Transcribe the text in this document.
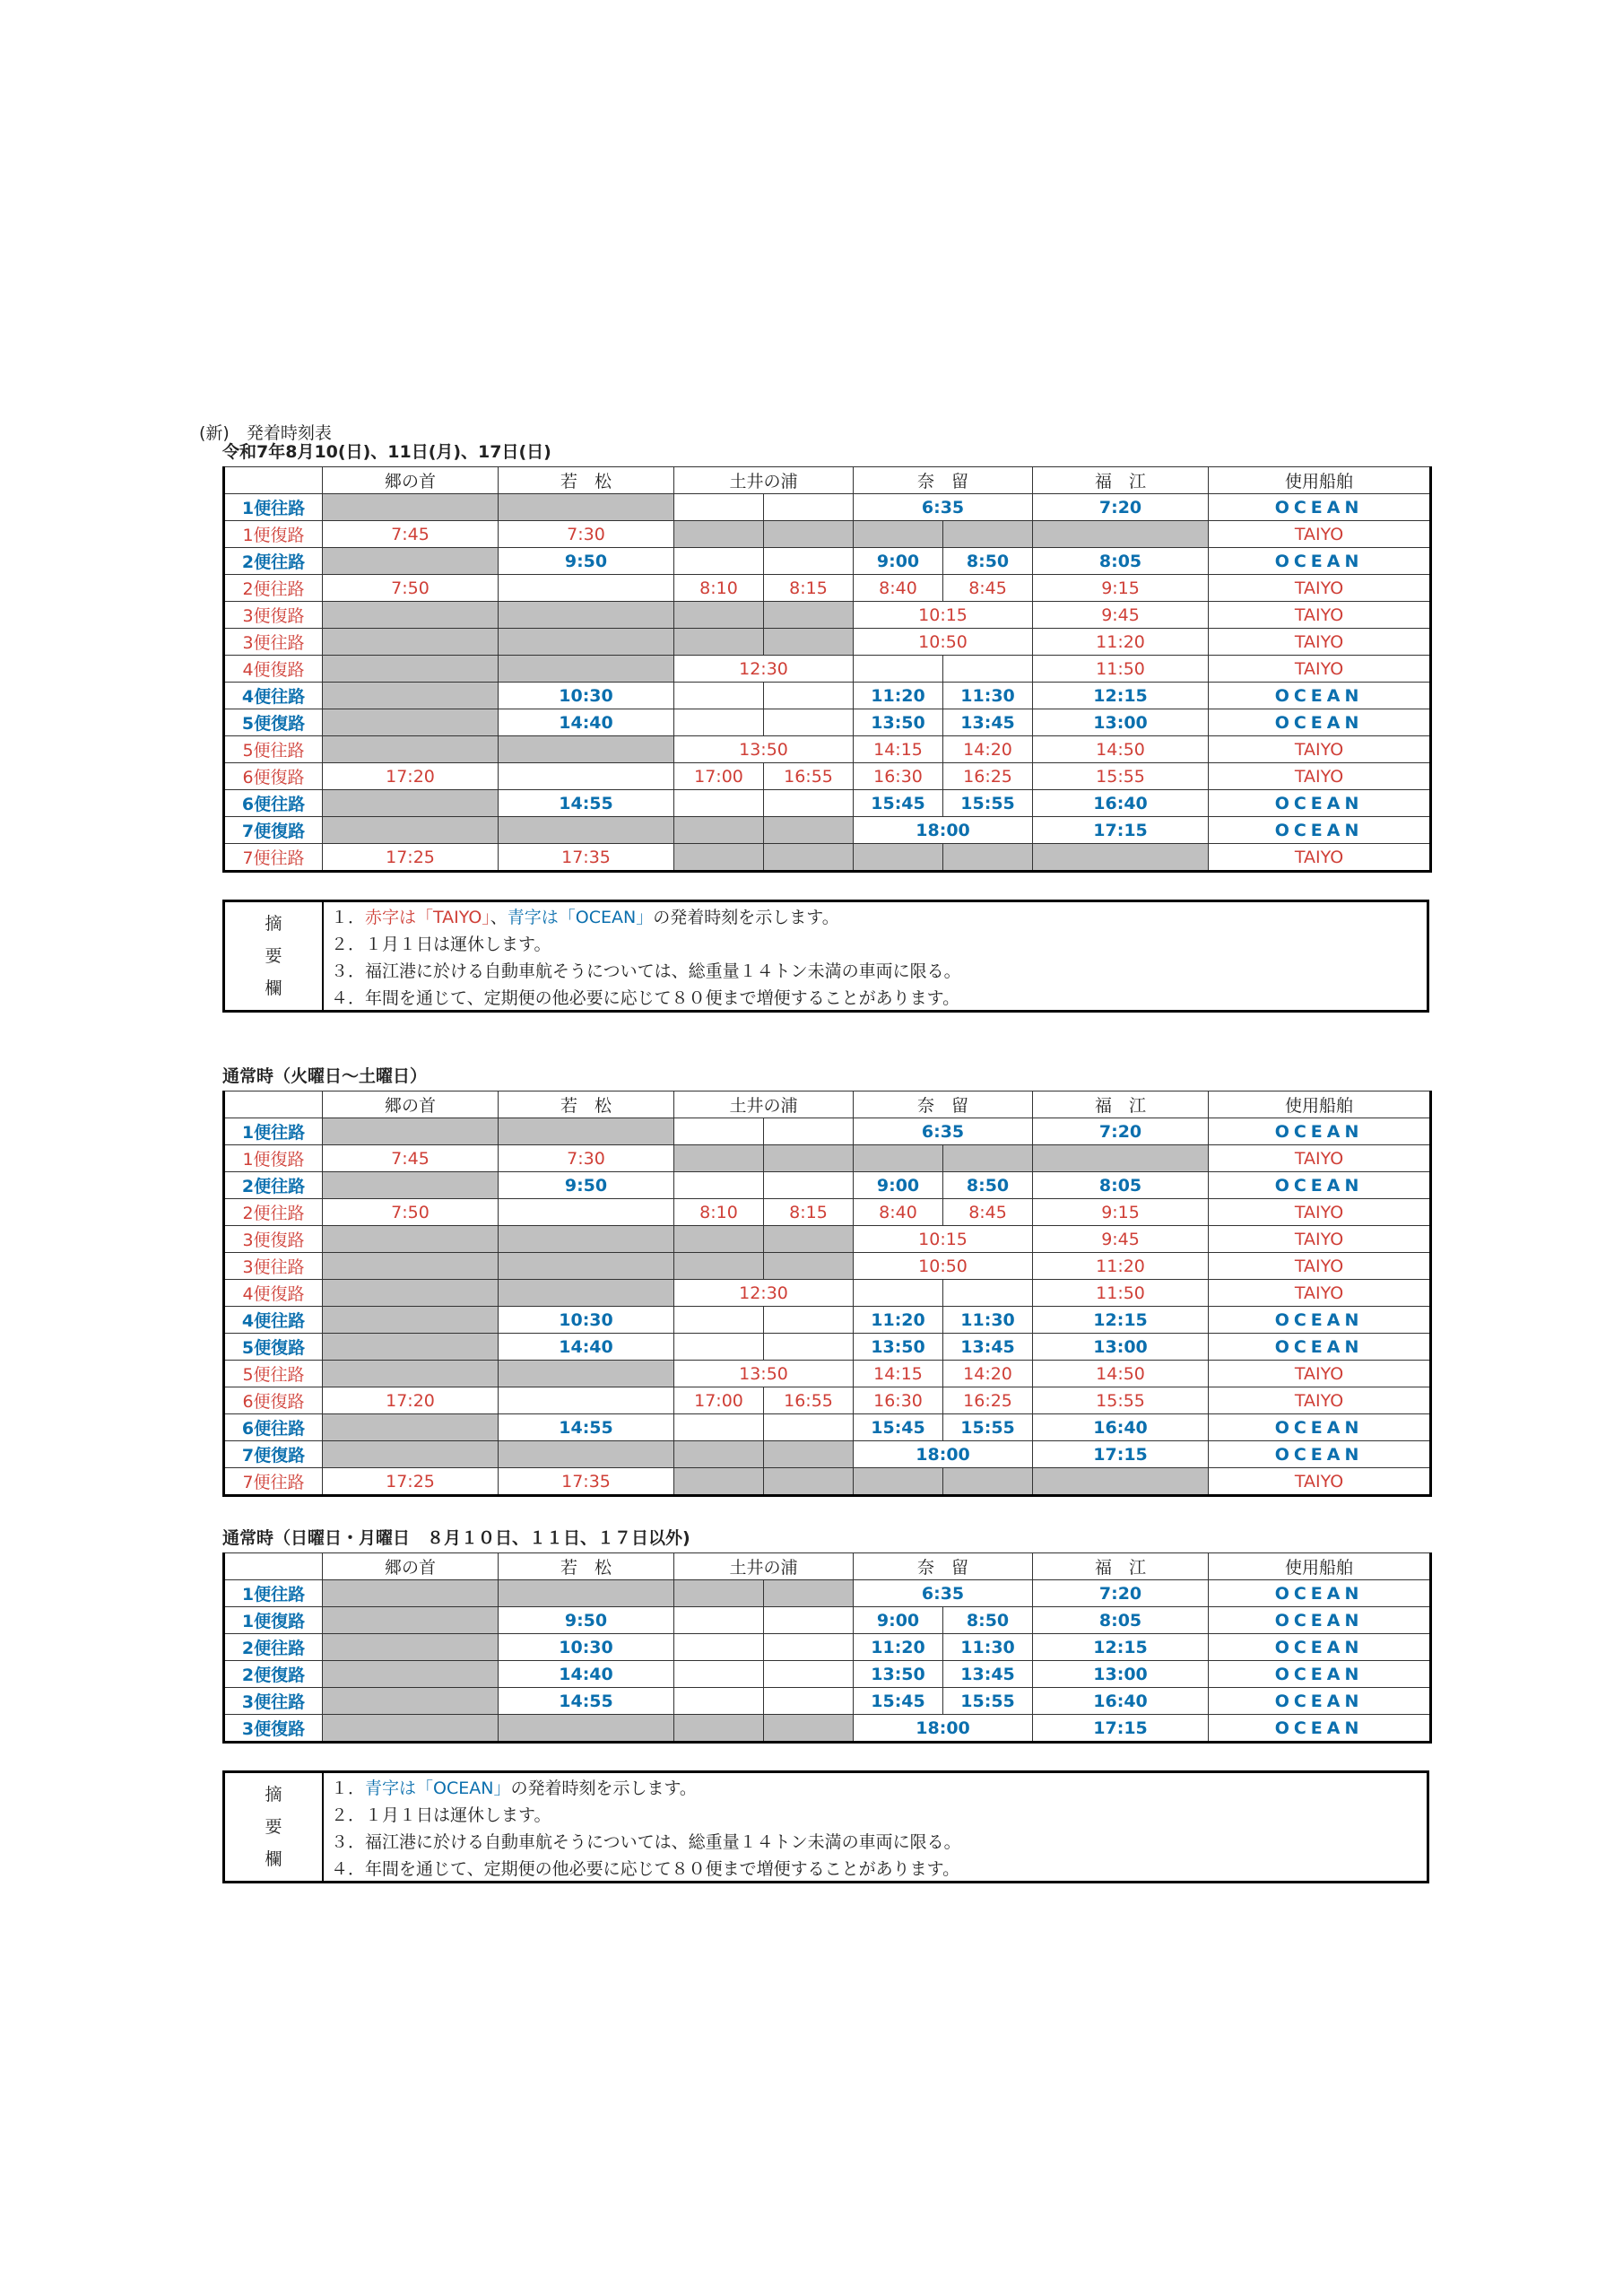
(新)　発着時刻表
令和7年8月10(日)、11日(月)、17日(日)
	郷の首	若　松	土井の浦		奈　留		福　江	使用船舶
1便往路					6:35		7:20	OCEAN
1便復路	7:45	7:30						TAIYO
2便往路		9:50			9:00	8:50	8:05	OCEAN
2便往路	7:50		8:10	8:15	8:40	8:45	9:15	TAIYO
3便復路					10:15		9:45	TAIYO
3便往路					10:50		11:20	TAIYO
4便復路			12:30				11:50	TAIYO
4便往路		10:30			11:20	11:30	12:15	OCEAN
5便復路		14:40			13:50	13:45	13:00	OCEAN
5便往路			13:50		14:15	14:20	14:50	TAIYO
6便復路	17:20		17:00	16:55	16:30	16:25	15:55	TAIYO
6便往路		14:55			15:45	15:55	16:40	OCEAN
7便復路					18:00		17:15	OCEAN
7便往路	17:25	17:35						TAIYO
摘
要
欄
１．赤字は「TAIYO」、青字は「OCEAN」の発着時刻を示します。
２．１月１日は運休します。
３．福江港に於ける自動車航そうについては、総重量１４トン未満の車両に限る。
４．年間を通じて、定期便の他必要に応じて８０便まで増便することがあります。
通常時（火曜日～土曜日）
	郷の首	若　松	土井の浦		奈　留		福　江	使用船舶
1便往路					6:35		7:20	OCEAN
1便復路	7:45	7:30						TAIYO
2便往路		9:50			9:00	8:50	8:05	OCEAN
2便往路	7:50		8:10	8:15	8:40	8:45	9:15	TAIYO
3便復路					10:15		9:45	TAIYO
3便往路					10:50		11:20	TAIYO
4便復路			12:30				11:50	TAIYO
4便往路		10:30			11:20	11:30	12:15	OCEAN
5便復路		14:40			13:50	13:45	13:00	OCEAN
5便往路			13:50		14:15	14:20	14:50	TAIYO
6便復路	17:20		17:00	16:55	16:30	16:25	15:55	TAIYO
6便往路		14:55			15:45	15:55	16:40	OCEAN
7便復路					18:00		17:15	OCEAN
7便往路	17:25	17:35						TAIYO
通常時（日曜日・月曜日　８月１０日、１１日、１７日以外)
	郷の首	若　松	土井の浦		奈　留		福　江	使用船舶
1便往路					6:35		7:20	OCEAN
1便復路		9:50			9:00	8:50	8:05	OCEAN
2便往路		10:30			11:20	11:30	12:15	OCEAN
2便復路		14:40			13:50	13:45	13:00	OCEAN
3便往路		14:55			15:45	15:55	16:40	OCEAN
3便復路					18:00		17:15	OCEAN
摘
要
欄
１．青字は「OCEAN」の発着時刻を示します。
２．１月１日は運休します。
３．福江港に於ける自動車航そうについては、総重量１４トン未満の車両に限る。
４．年間を通じて、定期便の他必要に応じて８０便まで増便することがあります。
